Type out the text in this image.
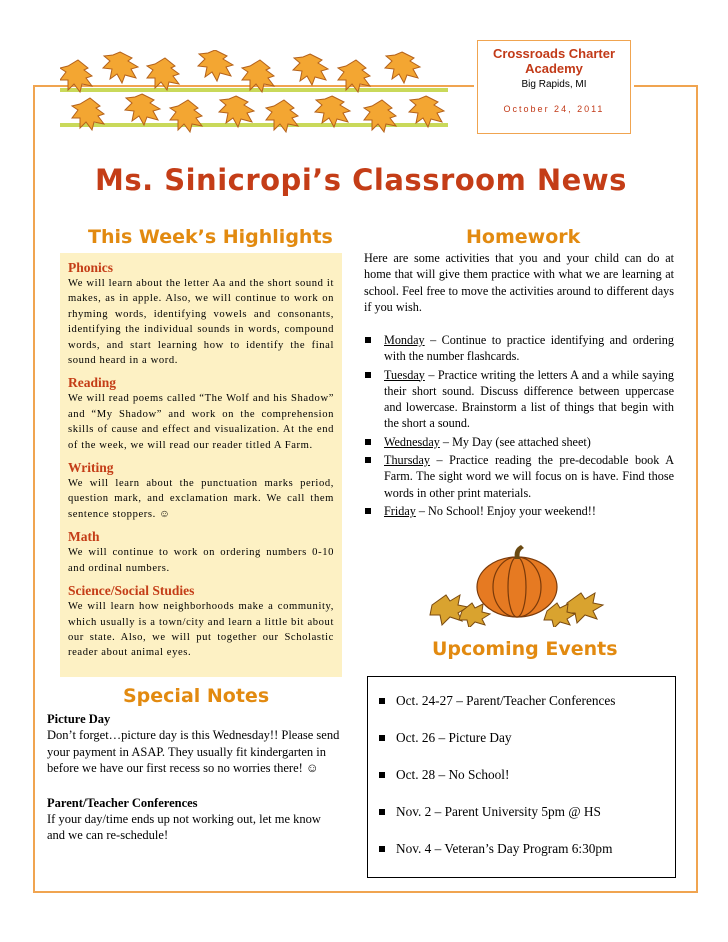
Crossroads Charter Academy
Big Rapids, MI
October 24, 2011
Ms. Sinicropi’s Classroom News
This Week’s Highlights	Homework
Phonics
We will learn about the letter Aa and the short sound it makes, as in apple. Also, we will continue to work on rhyming words, identifying vowels and consonants, identifying the individual sounds in words, compound words, and start learning how to identify the final sound heard in a word.
Reading
We will read poems called “The Wolf and his Shadow” and “My Shadow” and work on the comprehension skills of cause and effect and visualization. At the end of the week, we will read our reader titled A Farm.
Writing
We will learn about the punctuation marks period, question mark, and exclamation mark. We call them sentence stoppers. ☺
Math
We will continue to work on ordering numbers 0-10 and ordinal numbers.
Science/Social Studies
We will learn how neighborhoods make a community, which usually is a town/city and learn a little bit about our state. Also, we will put together our Scholastic reader about animal eyes.
Here are some activities that you and your child can do at home that will give them practice with what we are learning at school. Feel free to move the activities around to different days if you wish.
Monday – Continue to practice identifying and ordering with the number flashcards.
Tuesday – Practice writing the letters A and a while saying their short sound. Discuss difference between uppercase and lowercase. Brainstorm a list of things that begin with the short a sound.
Wednesday – My Day (see attached sheet)
Thursday – Practice reading the pre-decodable book A Farm. The sight word we will focus on is have. Find those words in other print materials.
Friday – No School! Enjoy your weekend!!
Upcoming Events
Oct. 24-27 – Parent/Teacher Conferences
Oct. 26 – Picture Day
Oct. 28 – No School!
Nov. 2 – Parent University 5pm @ HS
Nov. 4 – Veteran’s Day Program 6:30pm
Special Notes
Picture Day
Don’t forget…picture day is this Wednesday!! Please send your payment in ASAP. They usually fit kindergarten in before we have our first recess so no worries there! ☺
Parent/Teacher Conferences
If your day/time ends up not working out, let me know and we can re-schedule!
